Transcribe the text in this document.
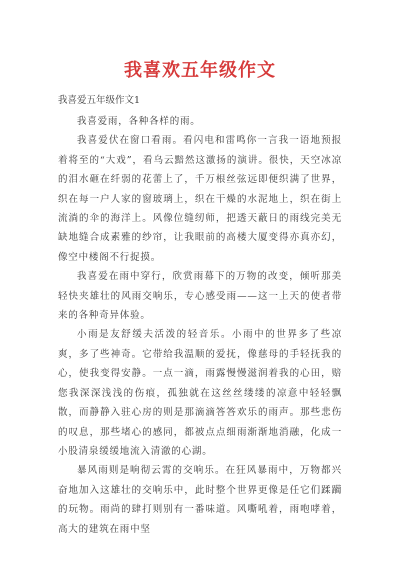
我喜欢五年级作文
我喜爱五年级作文1

我喜爱雨，各种各样的雨。

我喜爱伏在窗口看雨。看闪电和雷鸣你一言我一语地预报着将至的“大戏”，看乌云黯然这激扬的演讲。很快，天空冰凉的泪水砸在纤弱的花蕾上了，千万根丝弦远即便织满了世界，织在每一户人家的窗玻璃上，织在干燥的水泥地上，织在街上流淌的伞的海洋上。风像位缝纫师，把透天蔽日的雨线完美无缺地缝合成素雅的纱帘，让我眼前的高楼大厦变得亦真亦幻，像空中楼阁不行捉摸。

我喜爱在雨中穿行，欣赏雨幕下的万物的改变，倾听那美轻快夹雄壮的风雨交响乐，专心感受雨——这一上天的使者带来的各种奇异体验。

小雨是友舒缓夫活泼的轻音乐。小雨中的世界多了些凉爽，多了些神奇。它带给我温顺的爱抚，像慈母的手轻抚我的心，使我变得安静。一点一滴，雨露慢慢滋润着我的心田，赔您我深深浅浅的伤痕，孤独就在这丝丝缕缕的凉意中轻轻飘散，而静静入驻心房的则是那滴滴答答欢乐的雨声。那些悲伤的叹息，那些堵心的感同，都被点点细雨渐渐地消融，化成一小股清泉缓缓地流入清澈的心湖。

暴风雨则是响彻云霄的交响乐。在狂风暴雨中，万物都兴奋地加入这雄壮的交响乐中，此时整个世界更像是任它们蹂躏的玩物。雨尚的肆打则别有一番味道。风嘶吼着，雨咆哮着，高大的建筑在雨中坚
